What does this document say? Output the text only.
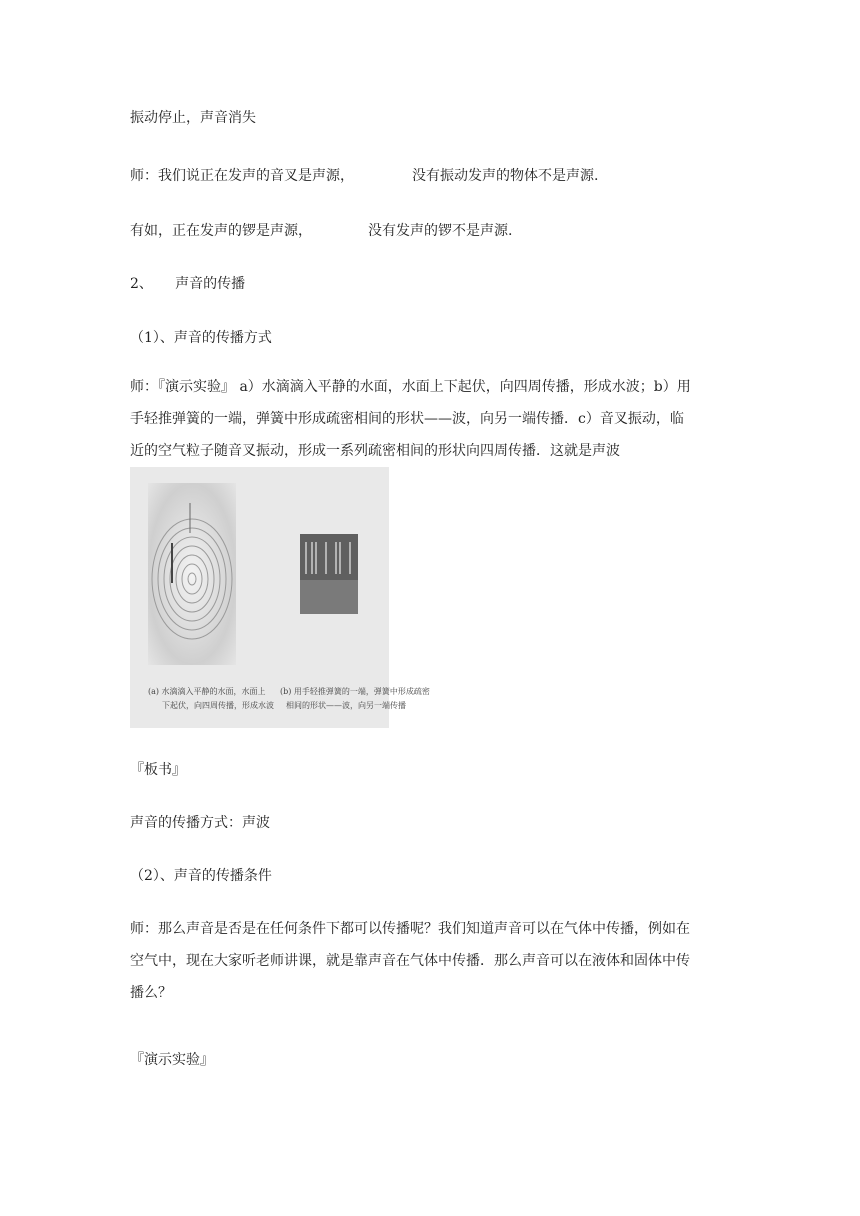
振动停止，声音消失
师：我们说正在发声的音叉是声源，	没有振动发声的物体不是声源.
有如，正在发声的锣是声源，	没有发声的锣不是声源.
2、     声音的传播
（1）、声音的传播方式
师：『演示实验』 a）水滴滴入平静的水面，水面上下起伏，向四周传播，形成水波；b）用
手轻推弹簧的一端，弹簧中形成疏密相间的形状——波，向另一端传播．c）音叉振动，临
近的空气粒子随音叉振动，形成一系列疏密相间的形状向四周传播．这就是声波
(a) 水滴滴入平静的水面，水面上
下起伏，向四周传播，形成水波
(b) 用手轻推弹簧的一端，弹簧中形成疏密
相间的形状——波，向另一端传播
『板书』
声音的传播方式：声波
（2）、声音的传播条件
师：那么声音是否是在任何条件下都可以传播呢？我们知道声音可以在气体中传播，例如在
空气中，现在大家听老师讲课，就是靠声音在气体中传播．那么声音可以在液体和固体中传
播么？
『演示实验』
